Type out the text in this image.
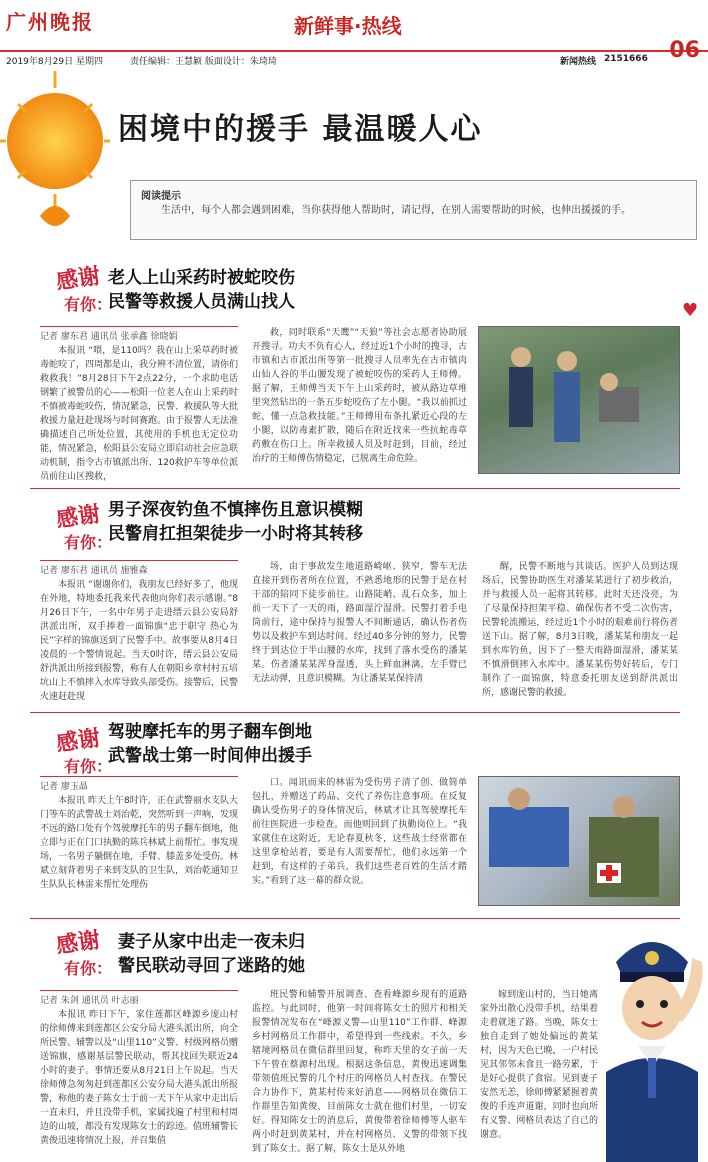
广州晚报	新鲜事·热线
06
2019年8月29日 星期四	责任编辑：王慧颖 版面设计：朱琦琦	新闻热线 2151666
困境中的援手 最温暖人心
阅读提示
生活中，每个人都会遇到困难，当你获得他人帮助时，请记得，在别人需要帮助的时候，也伸出援援的手。
♥
感谢
有你：
老人上山采药时被蛇咬伤
民警等救援人员满山找人
记者 廖东君 通讯员 张承鑫 徐晓娟
本报讯 “喂，是110吗？我在山上采草药时被毒蛇咬了，四周都是山，我分辨不清位置，请你们救救我！”8月28日下午2点22分，一个求助电话钢繁了被警员的心——松阳一位老人在山上采药时不慎被毒蛇咬伤，情况紧急，民警、救援队等大批救援力量赶赴现场与时间赛跑。由于报警人无法准确描述自己所处位置，其使用的手机也无定位功能，情况紧急，松阳县公安局立即启动社会应急联动机制，指令古市镇派出所、120救护车等单位派员前往山区搜救，
救，同时联系“天鹰”“天狼”等社会志愿者协助展开搜寻。功夫不负有心人，经过近1个小时的搜寻，古市镇和古市派出所等第一批搜寻人员率先在古市镇肉山仙人谷的半山腰发现了被蛇咬伤的采药人王师傅。据了解，王师傅当天下午上山采药时，被从路边草堆里突然钻出的一条五步蛇咬伤了左小腿。“我以前抓过蛇，懂一点急救技能。”王师傅用布条扎紧近心段的左小腿，以防毒素扩散，随后在附近找来一些抗蛇毒草药敷在伤口上。所幸救援人员及时赶到，目前，经过治疗的王师傅伤情稳定，已脱离生命危险。
感谢
有你：
男子深夜钓鱼不慎摔伤且意识模糊
民警肩扛担架徒步一小时将其转移
记者 廖东君 通讯员 施雅森
本报讯 “谢谢你们，我朋友已经好多了，他现在外地，特地委托我来代表他向你们表示感谢。”8月26日下午，一名中年男子走进缙云县公安局舒洪派出所，双手捧着一面锦旗“忠于职守 热心为民”字样的锦旗送到了民警手中。故事要从8月4日凌晨的一个警情说起。当天0时许，缙云县公安局舒洪派出所接到报警，称有人在朝阳乡章村村五培坑山上不慎摔入水库导致头部受伤。接警后，民警火速赶赴现
场，由于事故发生地道路崎岖、狭窄，警车无法直接开到伤者所在位置，不熟悉地形的民警于是在村干部的陪同下徒步前往。山路陡峭、乱石众多，加上前一天下了一天的雨，路面湿泞湿滑。民警打着手电筒前行，途中保持与报警人不间断通话，确认伤者伤势以及救护车到达时间。经过40多分钟的努力，民警终于到达位于半山腰的水库，找到了落水受伤的潘某某。伤者潘某某浑身湿透，头上鲜血淋漓，左手臂已无法动弹，且意识模糊。为让潘某某保持清
醒，民警不断地与其谈话。医护人员到达现场后，民警协助医生对潘某某进行了初步救治，并与救援人员一起将其转移。此时天还没亮，为了尽量保持担架平稳、确保伤者不受二次伤害，民警轮流搬运，经过近1个小时的艰难前行将伤者送下山。据了解，8月3日晚，潘某某和朋友一起到水库钓鱼，因下了一整天雨路面湿滑，潘某某不慎滑倒摔入水库中。潘某某伤势好转后，专门制作了一面锦旗，特意委托朋友送到舒洪派出所，感谢民警的救援。
感谢
有你：
驾驶摩托车的男子翻车倒地
武警战士第一时间伸出援手
记者 廖玉晶
本报讯 昨天上午8时许，正在武警丽水支队大门等车的武警战士刘治乾，突然听到一声响，发现不远的路口处有个驾驶摩托车的男子翻车倒地，他立即与正在门口执勤的陈兵林斌上前帮忙。事发现场，一名男子躺倒在地，手臂、膝盖多处受伤。林斌立刻背着男子来到支队的卫生队，刘治乾通知卫生队队长林雷来帮忙处理伤
口。闻讯而来的林雷为受伤男子清了创、做简单包扎，并赠送了药品、交代了养伤注意事项。在反复确认受伤男子的身体情况后，林斌才让其驾驶摩托车前往医院进一步检查。而他则回到了执勤岗位上。“我家就住在这附近，无论春夏秋冬，这些战士经常都在这里拿枪站着，要是有人需要帮忙，他们永远第一个赶到，有这样的子弟兵，我们这些老百姓的生活才踏实。”看到了这一幕的群众说。
感谢
有你：
妻子从家中出走一夜未归
警民联动寻回了迷路的她
记者 朱剑 通讯员 叶志丽
本报讯 昨日下午，家住莲都区峰源乡庞山村的徐师傅来到莲都区公安分局大港头派出所，向全所民警、辅警以及“山里110”义警、村级网格员赠送锦旗，感谢基层警民联动，帮其找回失联近24小时的妻子。事情还要从8月21日上午说起。当天徐师傅急匆匆赶到莲都区公安分局大港头派出所报警，称他的妻子陈女士于前一天下午从家中走出后一直未归，并且没带手机，家属找遍了村里和村周边的山坡，都没有发现陈女士的踪迹。值班辅警长黄俊迅速将情况上报，并召集值
班民警和辅警开展调查、查看峰源乡现有的道路监控。与此同时，他第一时间将陈女士的照片和相关报警情况发布在“峰源义警—山里110”工作群、峰源乡村网格员工作群中，希望得到一些线索。不久，乡辖境网格员在微信群里回复，称昨天里的女子前一天下午曾在蔡源村出现。根据这条信息，黄俊迅速调集带领值班民警的几个村庄的网格员人村查找。在警民合力协作下，黄某村传来好消息——网格员在微信工作群里告知黄俊，目前陈女士就在他们村里，一切安好。得知陈女士的消息后，黄俊带着徐师傅等人驱车两小时赶到黄某村，并在村网格员、义警的带领下找到了陈女士。据了解，陈女士是从外地
嫁到庞山村的，当日她离家外出散心没带手机，结果着走着就迷了路。当晚，陈女士独自走到了她处偏远的黄某村，因为天色已晚，一户村民见其邻邻未食且一路劳累，于是好心提供了食宿。见到妻子安然无恙，徐师傅紧紧握着黄俊的手连声道谢，同时也向所有义警、网格员表达了自己的谢意。
